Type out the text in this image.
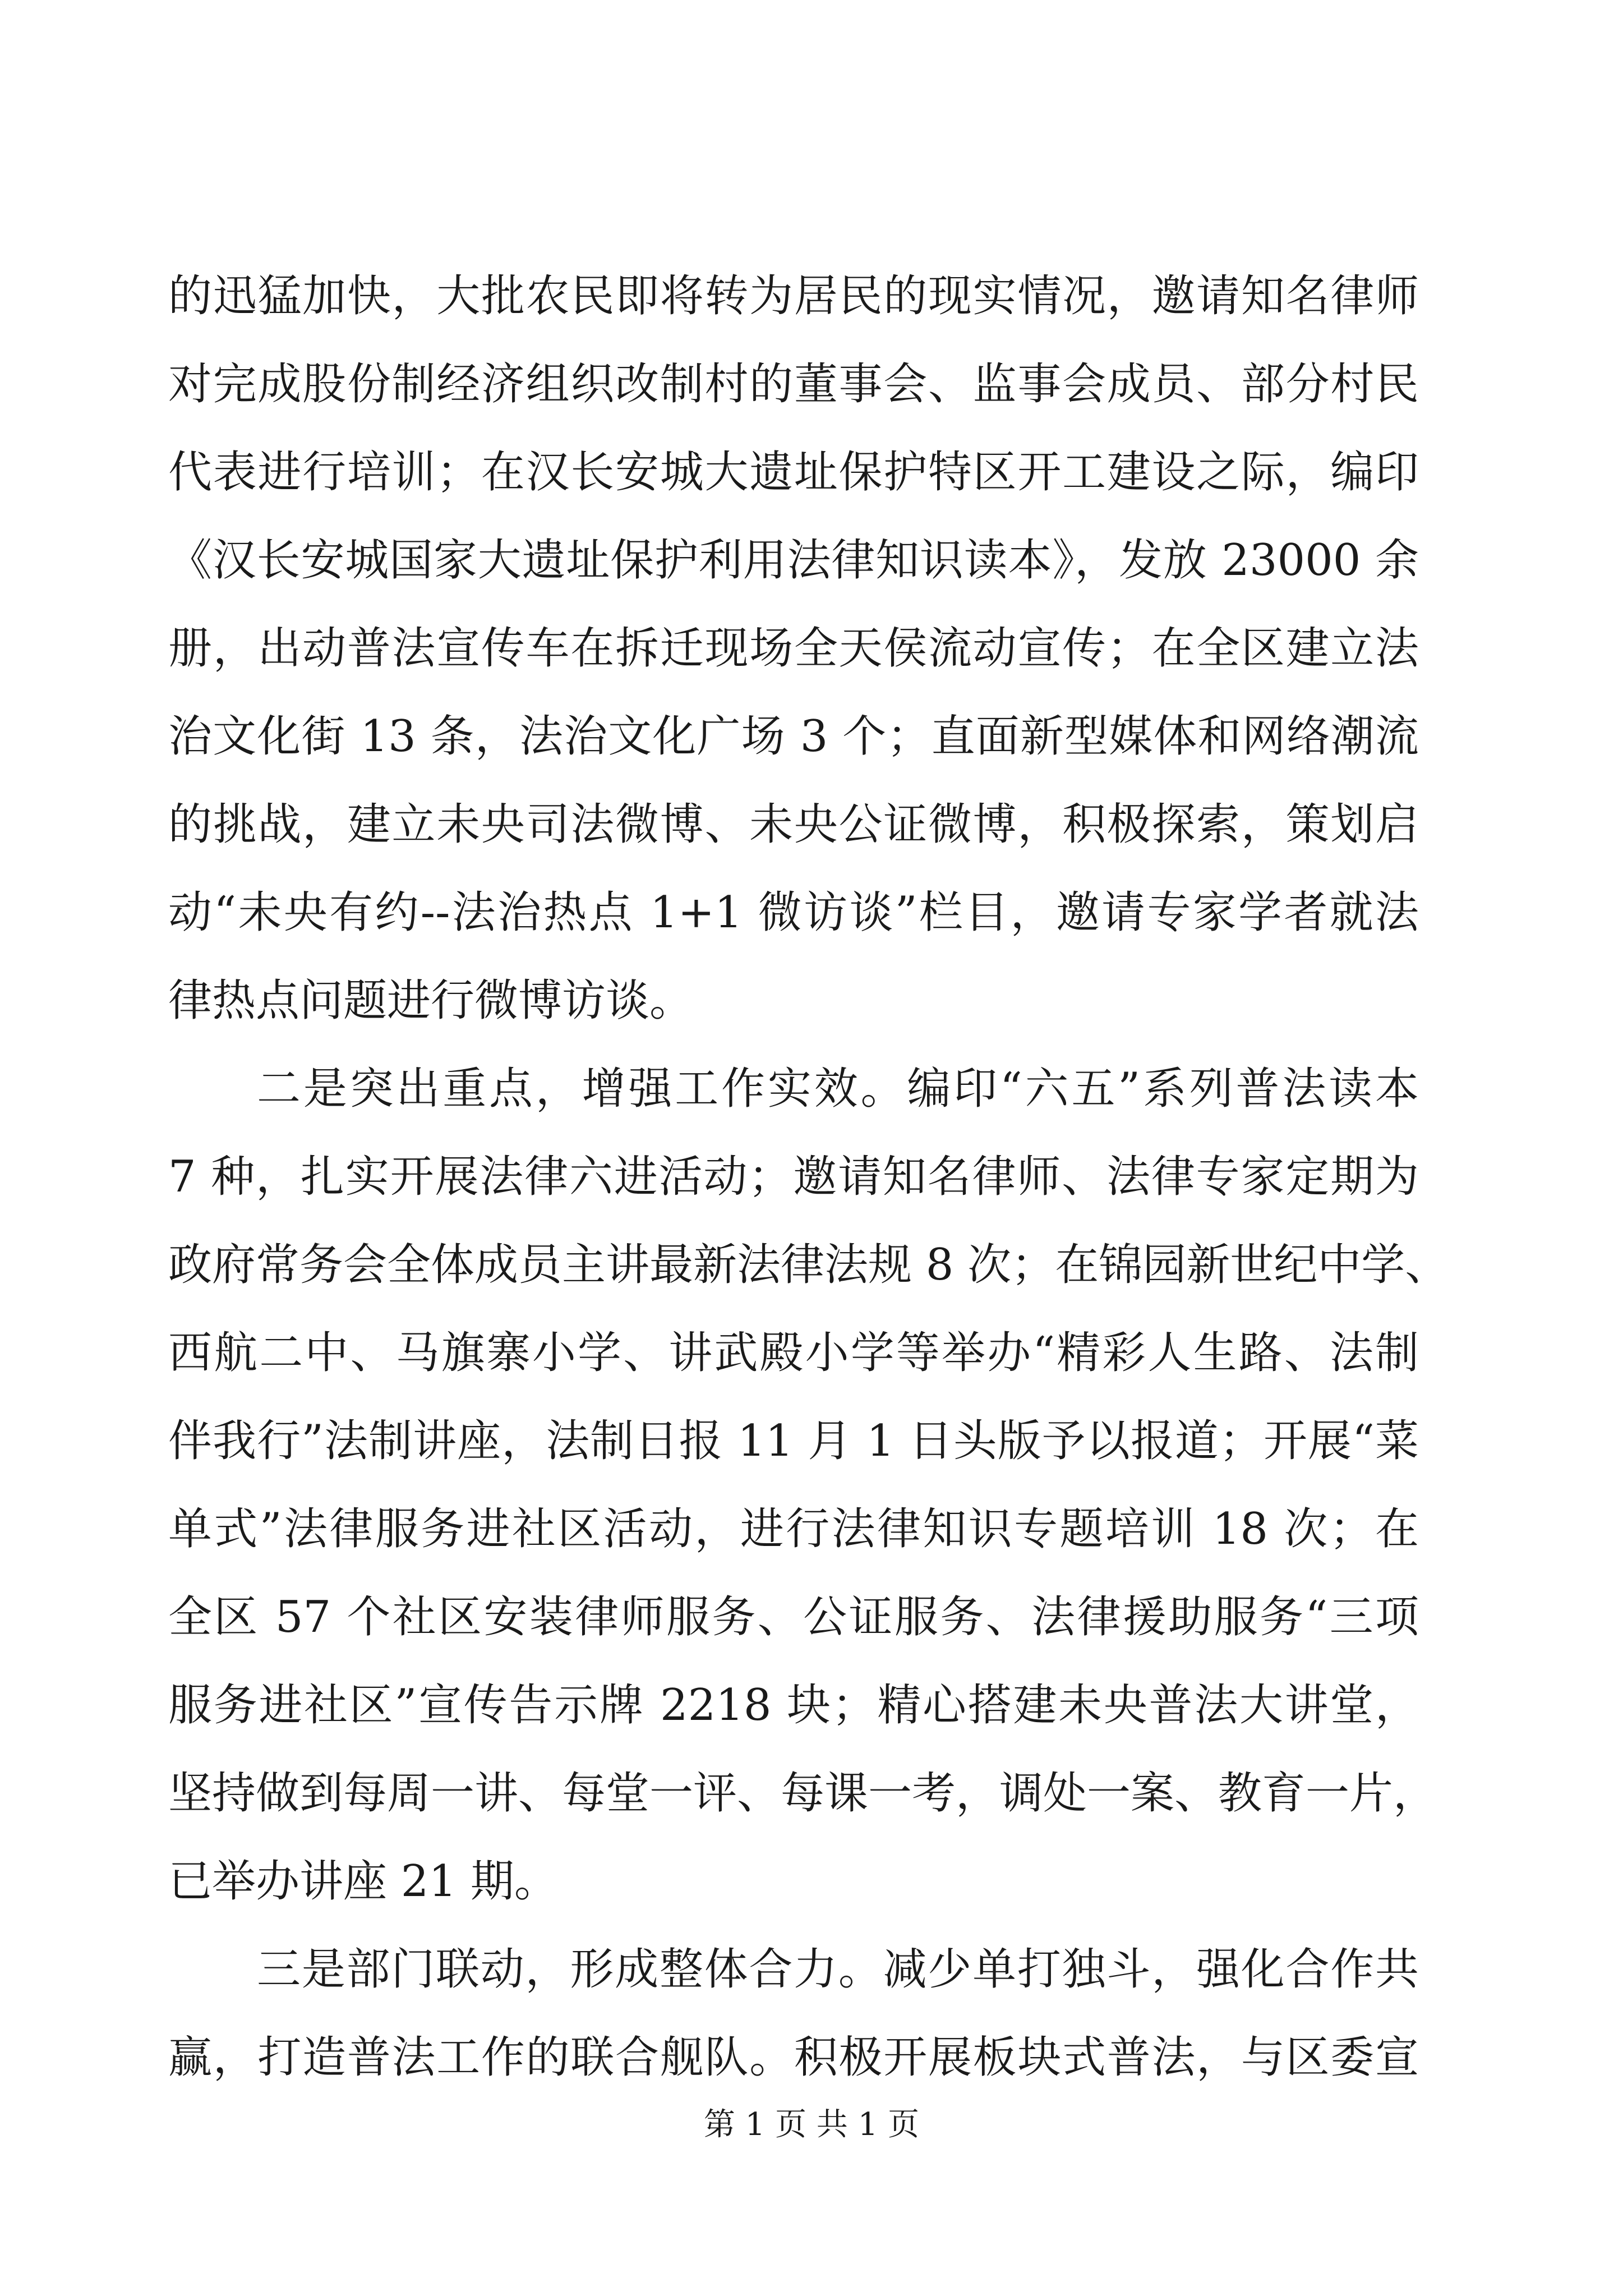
的迅猛加快，大批农民即将转为居民的现实情况，邀请知名律师
对完成股份制经济组织改制村的董事会、监事会成员、部分村民
代表进行培训；在汉长安城大遗址保护特区开工建设之际，编印
《汉长安城国家大遗址保护利用法律知识读本》，发放 23000 余
册，出动普法宣传车在拆迁现场全天侯流动宣传；在全区建立法
治文化街 13 条，法治文化广场 3 个；直面新型媒体和网络潮流
的挑战，建立未央司法微博、未央公证微博，积极探索，策划启
动“未央有约--法治热点 1+1 微访谈”栏目，邀请专家学者就法
律热点问题进行微博访谈。
二是突出重点，增强工作实效。编印“六五”系列普法读本
7 种，扎实开展法律六进活动；邀请知名律师、法律专家定期为
政府常务会全体成员主讲最新法律法规 8 次；在锦园新世纪中学、
西航二中、马旗寨小学、讲武殿小学等举办“精彩人生路、法制
伴我行”法制讲座，法制日报 11 月 1 日头版予以报道；开展“菜
单式”法律服务进社区活动，进行法律知识专题培训 18 次；在
全区 57 个社区安装律师服务、公证服务、法律援助服务“三项
服务进社区”宣传告示牌 2218 块；精心搭建未央普法大讲堂，
坚持做到每周一讲、每堂一评、每课一考，调处一案、教育一片，
已举办讲座 21 期。
三是部门联动，形成整体合力。减少单打独斗，强化合作共
赢，打造普法工作的联合舰队。积极开展板块式普法，与区委宣
第 1 页 共 1 页
